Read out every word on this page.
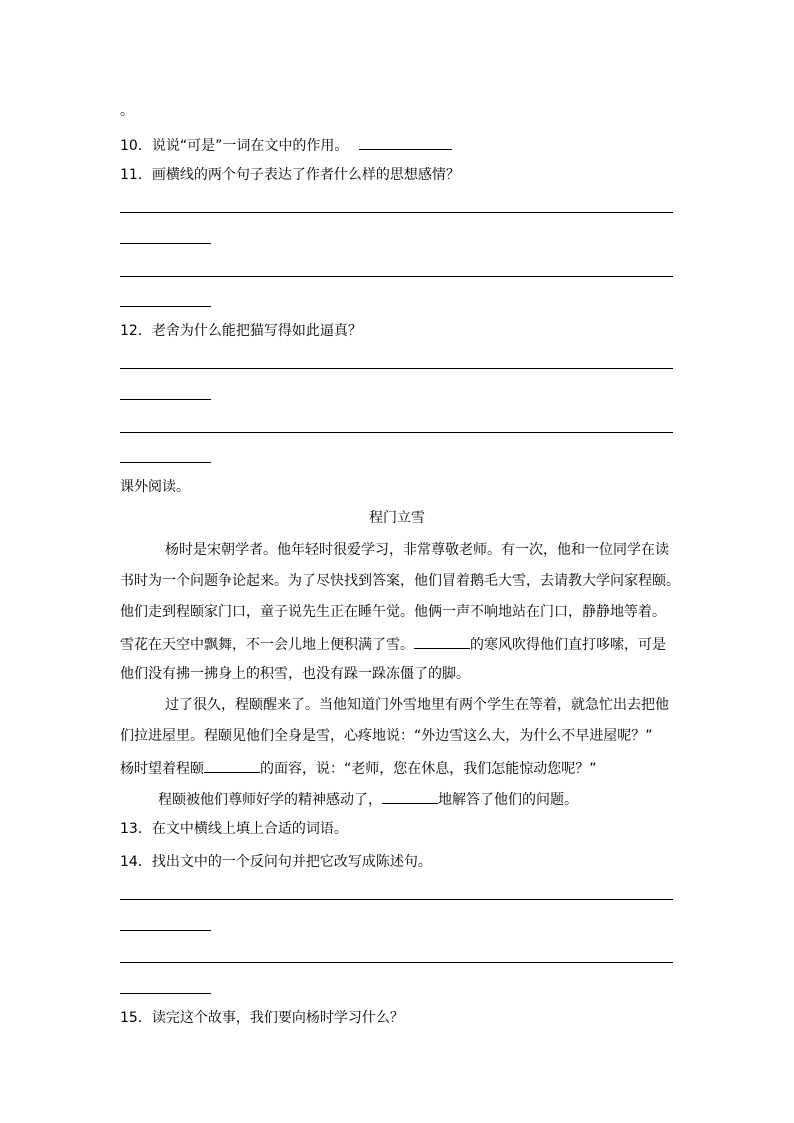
。
10．说说“可是”一词在文中的作用。
11．画横线的两个句子表达了作者什么样的思想感情？
12．老舍为什么能把猫写得如此逼真？
课外阅读。
程门立雪
杨时是宋朝学者。他年轻时很爱学习，非常尊敬老师。有一次，他和一位同学在读
书时为一个问题争论起来。为了尽快找到答案，他们冒着鹅毛大雪，去请教大学问家程颐。
他们走到程颐家门口，童子说先生正在睡午觉。他俩一声不响地站在门口，静静地等着。
雪花在天空中飘舞，不一会儿地上便积满了雪。	的寒风吹得他们直打哆嗦，可是
他们没有拂一拂身上的积雪，也没有跺一跺冻僵了的脚。
过了很久，程颐醒来了。当他知道门外雪地里有两个学生在等着，就急忙出去把他
们拉进屋里。程颐见他们全身是雪，心疼地说：“外边雪这么大，为什么不早进屋呢？”
杨时望着程颐	的面容，说：“老师，您在休息，我们怎能惊动您呢？”
程颐被他们尊师好学的精神感动了，	地解答了他们的问题。
13．在文中横线上填上合适的词语。
14．找出文中的一个反问句并把它改写成陈述句。
15．读完这个故事，我们要向杨时学习什么？
